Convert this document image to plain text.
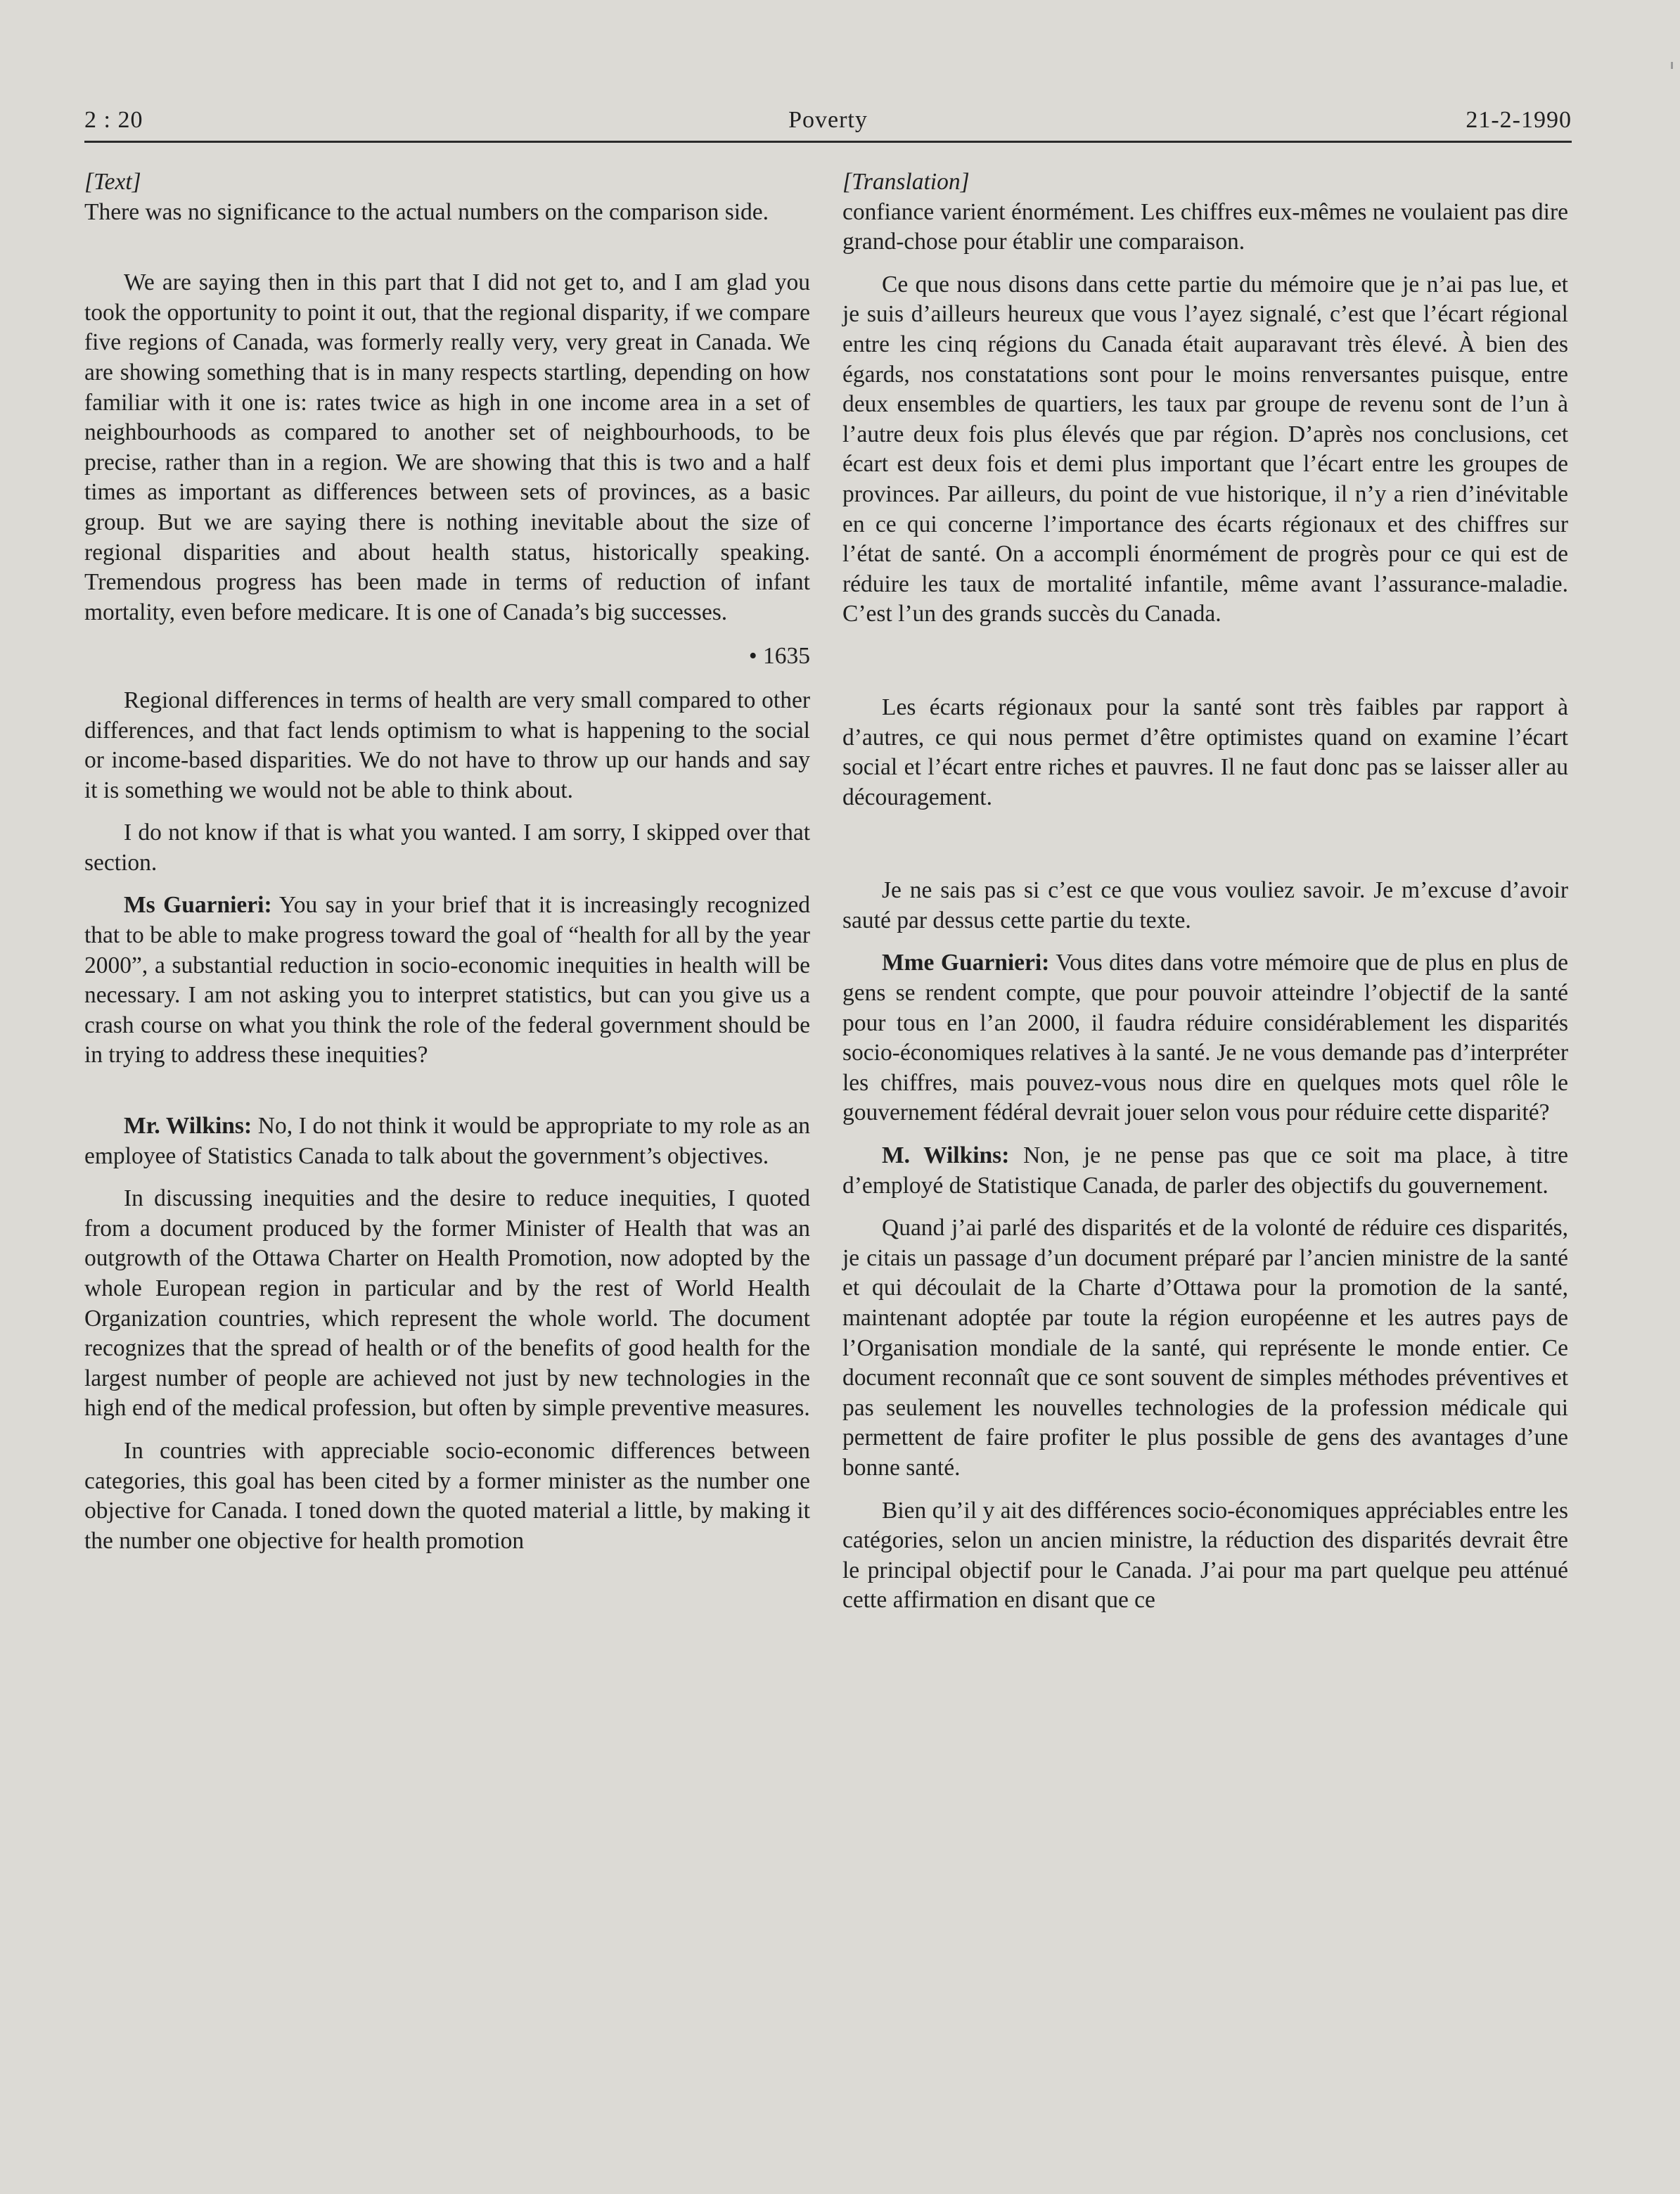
2 : 20	Poverty	21-2-1990

[Text]

There was no significance to the actual numbers on the comparison side.

We are saying then in this part that I did not get to, and I am glad you took the opportunity to point it out, that the regional disparity, if we compare five regions of Canada, was formerly really very, very great in Canada. We are showing something that is in many respects startling, depending on how familiar with it one is: rates twice as high in one income area in a set of neighbourhoods as compared to another set of neighbourhoods, to be precise, rather than in a region. We are showing that this is two and a half times as important as differences between sets of provinces, as a basic group. But we are saying there is nothing inevitable about the size of regional disparities and about health status, historically speaking. Tremendous progress has been made in terms of reduction of infant mortality, even before medicare. It is one of Canada’s big successes.

• 1635

Regional differences in terms of health are very small compared to other differences, and that fact lends optimism to what is happening to the social or income-based disparities. We do not have to throw up our hands and say it is something we would not be able to think about.

I do not know if that is what you wanted. I am sorry, I skipped over that section.

Ms Guarnieri: You say in your brief that it is increasingly recognized that to be able to make progress toward the goal of “health for all by the year 2000”, a substantial reduction in socio-economic inequities in health will be necessary. I am not asking you to interpret statistics, but can you give us a crash course on what you think the role of the federal government should be in trying to address these inequities?

Mr. Wilkins: No, I do not think it would be appropriate to my role as an employee of Statistics Canada to talk about the government’s objectives.

In discussing inequities and the desire to reduce inequities, I quoted from a document produced by the former Minister of Health that was an outgrowth of the Ottawa Charter on Health Promotion, now adopted by the whole European region in particular and by the rest of World Health Organization countries, which represent the whole world. The document recognizes that the spread of health or of the benefits of good health for the largest number of people are achieved not just by new technologies in the high end of the medical profession, but often by simple preventive measures.

In countries with appreciable socio-economic differences between categories, this goal has been cited by a former minister as the number one objective for Canada. I toned down the quoted material a little, by making it the number one objective for health promotion

[Translation]

confiance varient énormément. Les chiffres eux-mêmes ne voulaient pas dire grand-chose pour établir une comparaison.

Ce que nous disons dans cette partie du mémoire que je n’ai pas lue, et je suis d’ailleurs heureux que vous l’ayez signalé, c’est que l’écart régional entre les cinq régions du Canada était auparavant très élevé. À bien des égards, nos constatations sont pour le moins renversantes puisque, entre deux ensembles de quartiers, les taux par groupe de revenu sont de l’un à l’autre deux fois plus élevés que par région. D’après nos conclusions, cet écart est deux fois et demi plus important que l’écart entre les groupes de provinces. Par ailleurs, du point de vue historique, il n’y a rien d’inévitable en ce qui concerne l’importance des écarts régionaux et des chiffres sur l’état de santé. On a accompli énormément de progrès pour ce qui est de réduire les taux de mortalité infantile, même avant l’assurance-maladie. C’est l’un des grands succès du Canada.

Les écarts régionaux pour la santé sont très faibles par rapport à d’autres, ce qui nous permet d’être optimistes quand on examine l’écart social et l’écart entre riches et pauvres. Il ne faut donc pas se laisser aller au découragement.

Je ne sais pas si c’est ce que vous vouliez savoir. Je m’excuse d’avoir sauté par dessus cette partie du texte.

Mme Guarnieri: Vous dites dans votre mémoire que de plus en plus de gens se rendent compte, que pour pouvoir atteindre l’objectif de la santé pour tous en l’an 2000, il faudra réduire considérablement les disparités socio-économiques relatives à la santé. Je ne vous demande pas d’interpréter les chiffres, mais pouvez-vous nous dire en quelques mots quel rôle le gouvernement fédéral devrait jouer selon vous pour réduire cette disparité?

M. Wilkins: Non, je ne pense pas que ce soit ma place, à titre d’employé de Statistique Canada, de parler des objectifs du gouvernement.

Quand j’ai parlé des disparités et de la volonté de réduire ces disparités, je citais un passage d’un document préparé par l’ancien ministre de la santé et qui découlait de la Charte d’Ottawa pour la promotion de la santé, maintenant adoptée par toute la région européenne et les autres pays de l’Organisation mondiale de la santé, qui représente le monde entier. Ce document reconnaît que ce sont souvent de simples méthodes préventives et pas seulement les nouvelles technologies de la profession médicale qui permettent de faire profiter le plus possible de gens des avantages d’une bonne santé.

Bien qu’il y ait des différences socio-économiques appréciables entre les catégories, selon un ancien ministre, la réduction des disparités devrait être le principal objectif pour le Canada. J’ai pour ma part quelque peu atténué cette affirmation en disant que ce
